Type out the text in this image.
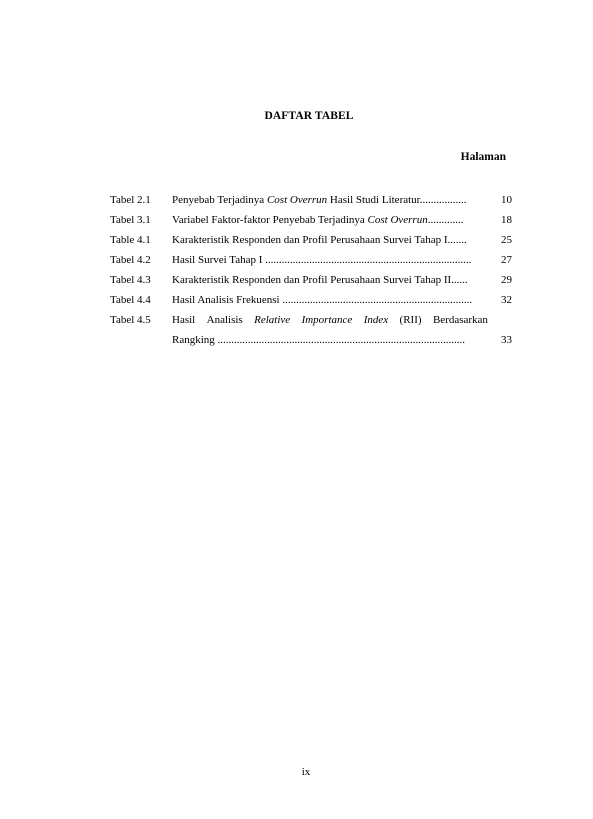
DAFTAR TABEL
Halaman
Tabel 2.1 Penyebab Terjadinya Cost Overrun Hasil Studi Literatur.................	10
Tabel 3.1 Variabel Faktor-faktor Penyebab Terjadinya Cost Overrun.............	18
Table 4.1 Karakteristik Responden dan Profil Perusahaan Survei Tahap I.......	25
Tabel 4.2 Hasil Survei Tahap I ...........................................................................	27
Tabel 4.3 Karakteristik Responden dan Profil Perusahaan Survei Tahap II......	29
Tabel 4.4 Hasil Analisis Frekuensi .....................................................................	32
Tabel 4.5 Hasil Analisis Relative Importance Index (RII) Berdasarkan
Rangking ..........................................................................................	33
ix
